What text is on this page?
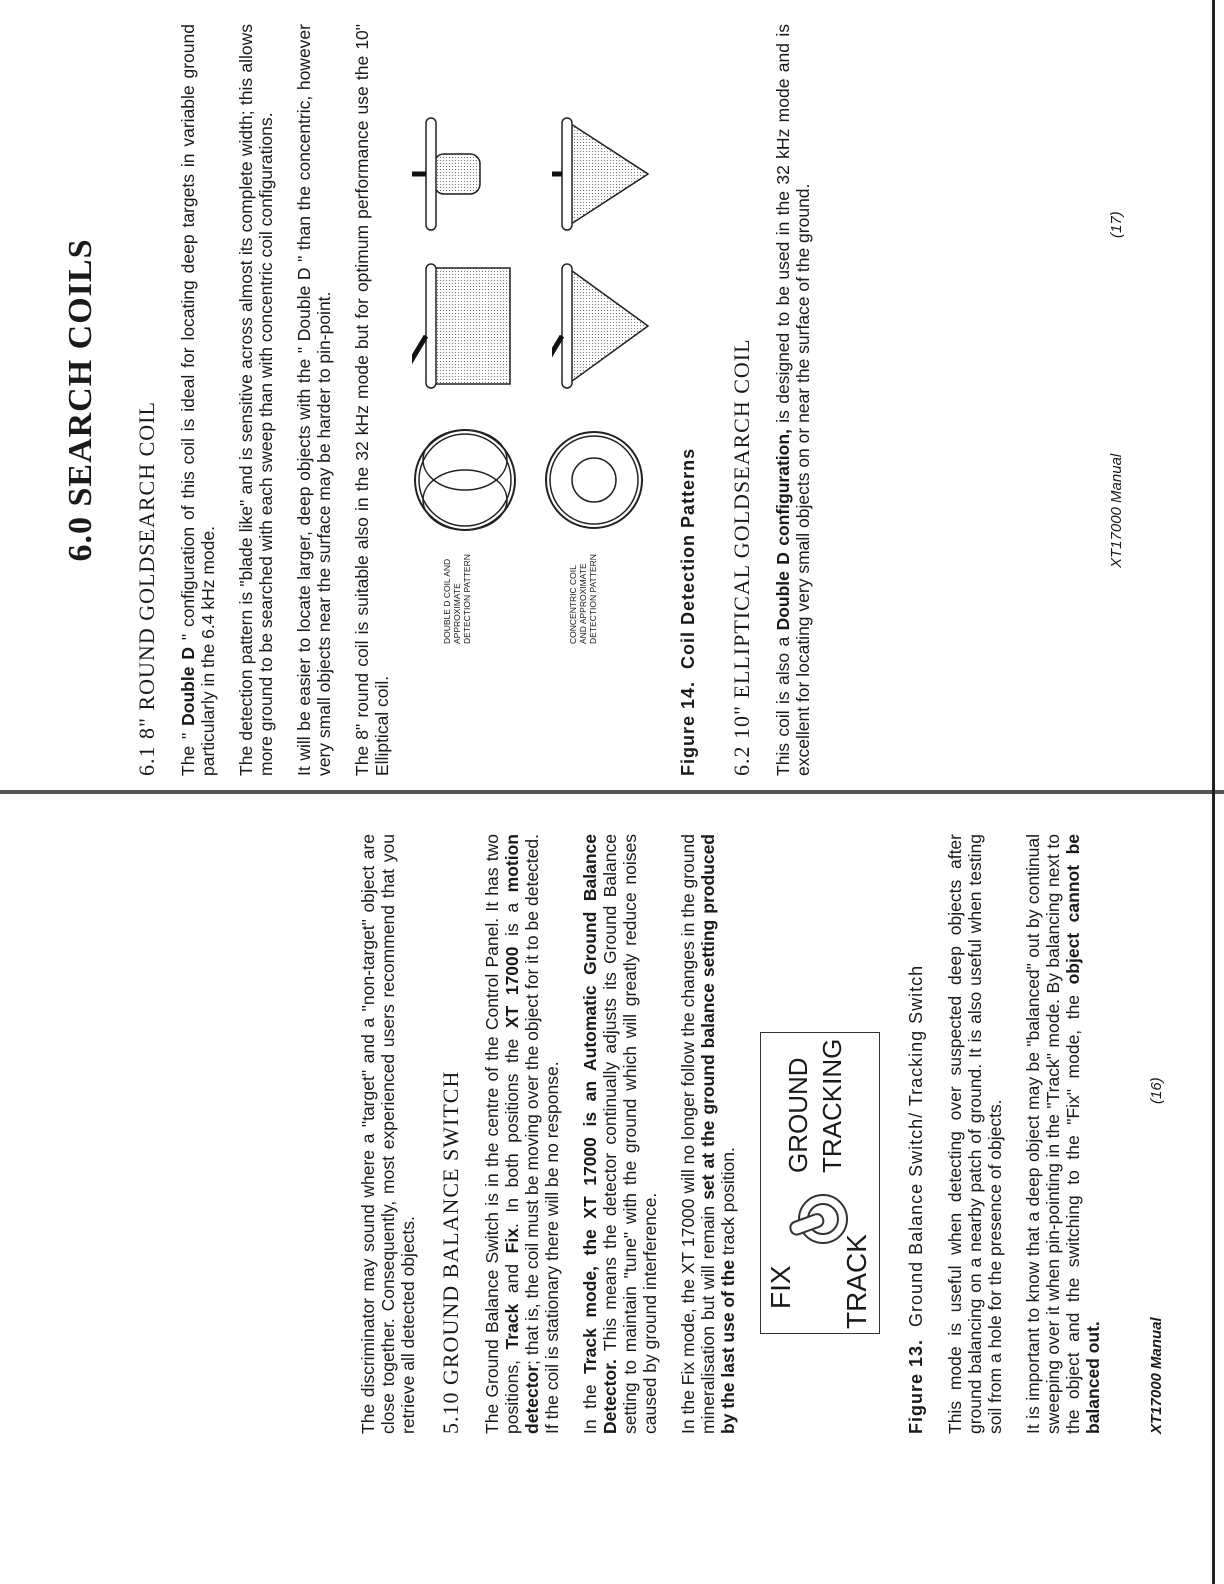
The discriminator may sound where a "target" and a "non-target" object are close together. Consequently, most experienced users recommend that you retrieve all detected objects. 5.10 GROUND BALANCE SWITCH The Ground Balance Switch is in the centre of the Control Panel. It has two positions, Track and Fix. In both positions the XT 17000 is a motion detector; that is, the coil must be moving over the object for it to be detected. If the coil is stationary there will be no response. In the Track mode, the XT 17000 is an Automatic Ground Balance Detector. This means the detector continually adjusts its Ground Balance setting to maintain "tune" with the ground which will greatly reduce noises caused by ground interference. In the Fix mode, the XT 17000 will no longer follow the changes in the ground mineralisation but will remain set at the ground balance setting produced by the last use of the track position.

FIX TRACK
GROUND TRACKING
Figure 13.  Ground Balance Switch/ Tracking Switch This mode is useful when detecting over suspected deep objects after ground balancing on a nearby patch of ground. It is also useful when testing soil from a hole for the presence of objects. It is important to know that a deep object may be "balanced" out by continual sweeping over it when pin-pointing in the "Track" mode. By balancing next to the object and the switching to the "Fix" mode, the object cannot be balanced out.	XT17000 Manual
(16)
6.0 SEARCH COILS
6.1 8" ROUND GOLDSEARCH COIL The " Double D " configuration of this coil is ideal for locating deep targets in variable ground particularly in the 6.4 kHz mode. The detection pattern is "blade like" and is sensitive across almost its complete width; this allows more ground to be searched with each sweep than with concentric coil configurations. It will be easier to locate larger, deep objects with the " Double D " than the concentric, however very small objects near the surface may be harder to pin-point. The 8" round coil is suitable also in the 32 kHz mode but for optimum performance use the 10" Elliptical coil.

DOUBLE D COIL AND APPROXIMATE DETECTION PATTERN	CONCENTRIC COIL AND APPROXIMATE DETECTION PATTERN
Figure 14.  Coil Detection Patterns 6.2 10" ELLIPTICAL GOLDSEARCH COIL This coil is also a Double D configuration, is designed to be used in the 32 kHz mode and is excellent for locating very small objects on or near the surface of the ground.	XT17000 Manual
(17)
